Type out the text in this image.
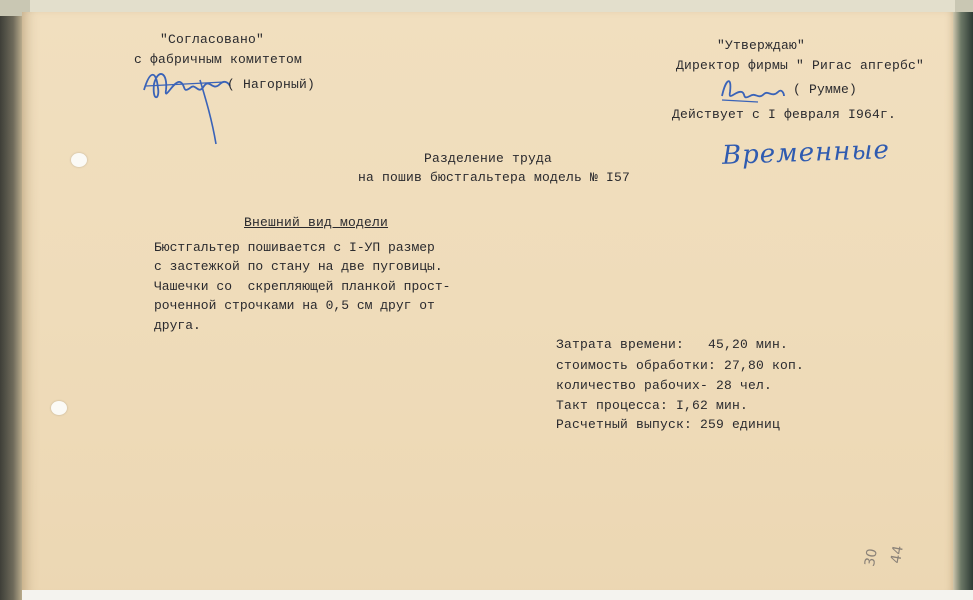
"Согласовано"
с фабричным комитетом
( Нагорный)
"Утверждаю"
Директор фирмы " Ригас апгербс"
( Румме)
Действует с I февраля I964г.
Временные
Разделение труда
на пошив бюстгальтера модель № I57
Внешний вид модели
Бюстгальтер пошивается с I-УП размер
с застежкой по стану на две пуговицы.
Чашечки со  скрепляющей планкой прост-
роченной строчками на 0,5 см друг от
друга.
Затрата времени:   45,20 мин.
стоимость обработки: 27,80 коп.
количество рабочих- 28 чел.
Такт процесса: I,62 мин.
Расчетный выпуск: 259 единиц
30 44
